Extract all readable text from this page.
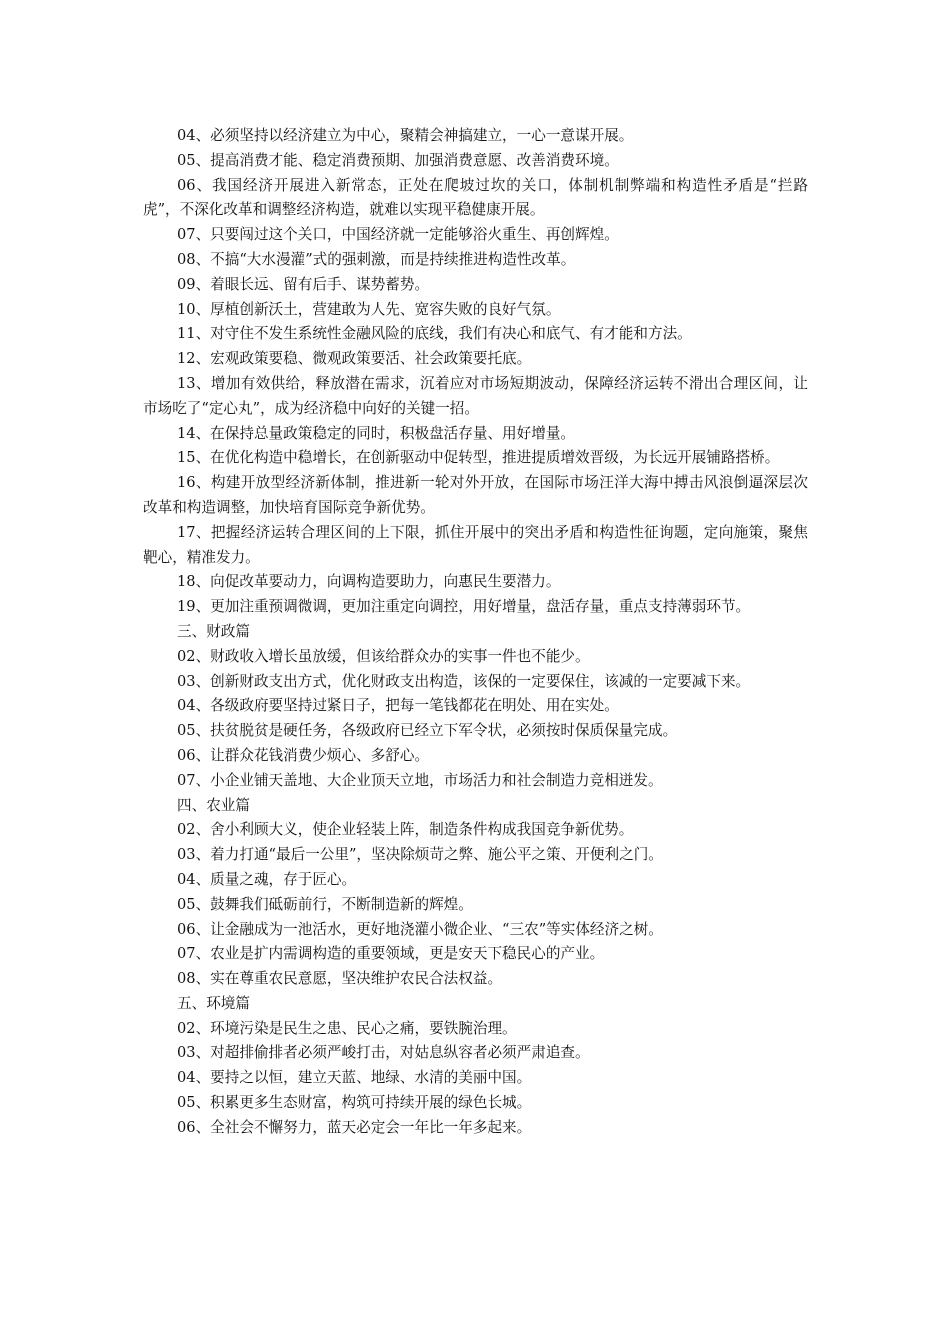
04、必须坚持以经济建立为中心，聚精会神搞建立，一心一意谋开展。

05、提高消费才能、稳定消费预期、加强消费意愿、改善消费环境。

06、我国经济开展进入新常态，正处在爬坡过坎的关口，体制机制弊端和构造性矛盾是“拦路虎”，不深化改革和调整经济构造，就难以实现平稳健康开展。

07、只要闯过这个关口，中国经济就一定能够浴火重生、再创辉煌。

08、不搞“大水漫灌”式的强刺激，而是持续推进构造性改革。

09、着眼长远、留有后手、谋势蓄势。

10、厚植创新沃土，营建敢为人先、宽容失败的良好气氛。

11、对守住不发生系统性金融风险的底线，我们有决心和底气、有才能和方法。

12、宏观政策要稳、微观政策要活、社会政策要托底。

13、增加有效供给，释放潜在需求，沉着应对市场短期波动，保障经济运转不滑出合理区间，让市场吃了“定心丸”，成为经济稳中向好的关键一招。

14、在保持总量政策稳定的同时，积极盘活存量、用好增量。

15、在优化构造中稳增长，在创新驱动中促转型，推进提质增效晋级，为长远开展铺路搭桥。

16、构建开放型经济新体制，推进新一轮对外开放，在国际市场汪洋大海中搏击风浪倒逼深层次改革和构造调整，加快培育国际竞争新优势。

17、把握经济运转合理区间的上下限，抓住开展中的突出矛盾和构造性征询题，定向施策，聚焦靶心，精准发力。

18、向促改革要动力，向调构造要助力，向惠民生要潜力。

19、更加注重预调微调，更加注重定向调控，用好增量，盘活存量，重点支持薄弱环节。

三、财政篇

02、财政收入增长虽放缓，但该给群众办的实事一件也不能少。

03、创新财政支出方式，优化财政支出构造，该保的一定要保住，该减的一定要减下来。

04、各级政府要坚持过紧日子，把每一笔钱都花在明处、用在实处。

05、扶贫脱贫是硬任务，各级政府已经立下军令状，必须按时保质保量完成。

06、让群众花钱消费少烦心、多舒心。

07、小企业铺天盖地、大企业顶天立地，市场活力和社会制造力竞相迸发。

四、农业篇

02、舍小利顾大义，使企业轻装上阵，制造条件构成我国竞争新优势。

03、着力打通“最后一公里”，坚决除烦苛之弊、施公平之策、开便利之门。

04、质量之魂，存于匠心。

05、鼓舞我们砥砺前行，不断制造新的辉煌。

06、让金融成为一池活水，更好地浇灌小微企业、“三农”等实体经济之树。

07、农业是扩内需调构造的重要领域，更是安天下稳民心的产业。

08、实在尊重农民意愿，坚决维护农民合法权益。

五、环境篇

02、环境污染是民生之患、民心之痛，要铁腕治理。

03、对超排偷排者必须严峻打击，对姑息纵容者必须严肃追查。

04、要持之以恒，建立天蓝、地绿、水清的美丽中国。

05、积累更多生态财富，构筑可持续开展的绿色长城。

06、全社会不懈努力，蓝天必定会一年比一年多起来。
